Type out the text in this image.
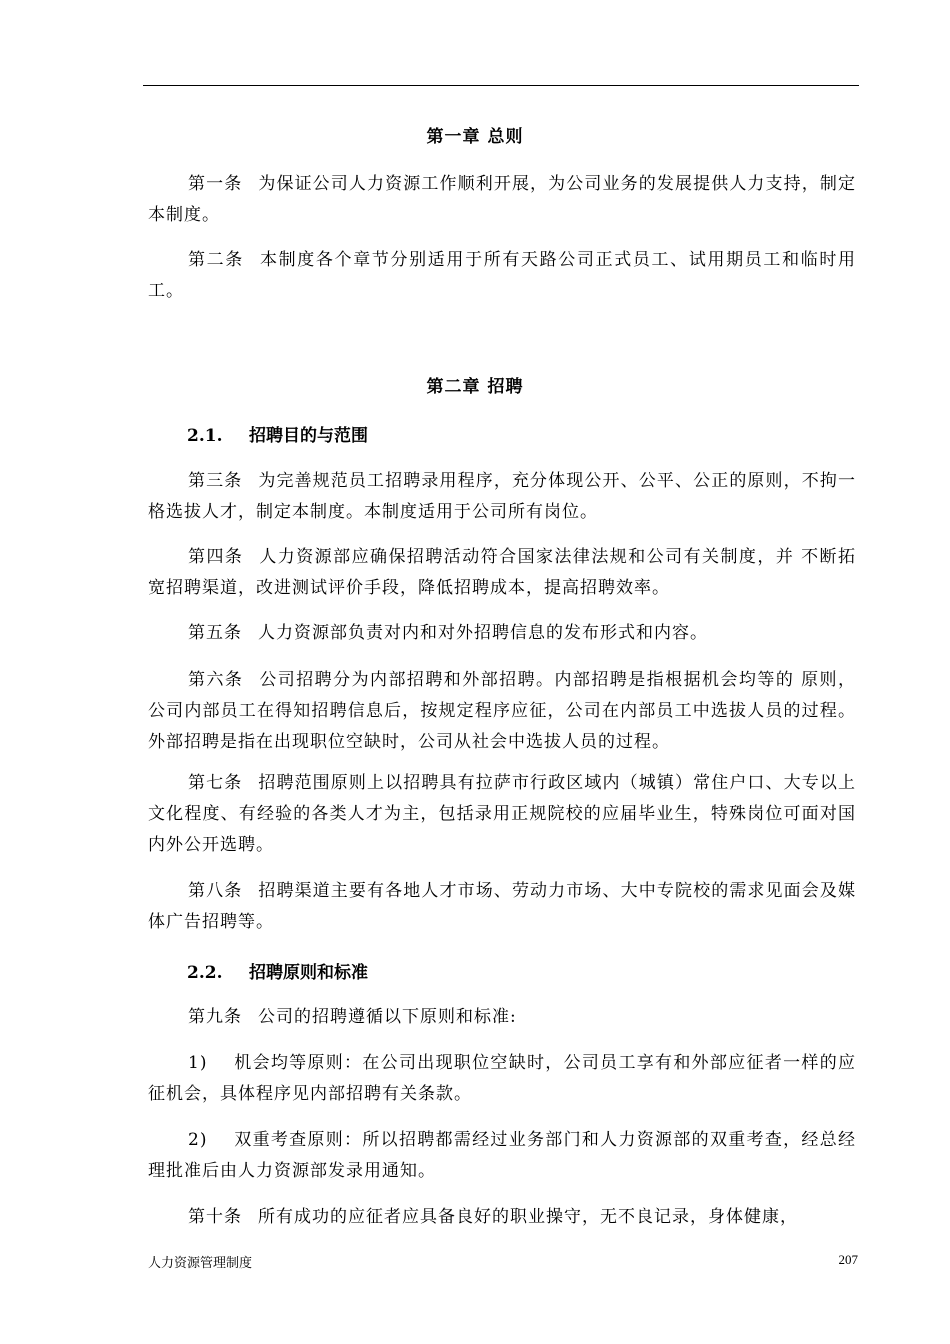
第一章 总则
第一条 为保证公司人力资源工作顺利开展，为公司业务的发展提供人力支持，制定本制度。
第二条 本制度各个章节分别适用于所有天路公司正式员工、试用期员工和临时用工。
第二章 招聘
2.1. 招聘目的与范围
第三条 为完善规范员工招聘录用程序，充分体现公开、公平、公正的原则，不拘一格选拔人才，制定本制度。本制度适用于公司所有岗位。
第四条 人力资源部应确保招聘活动符合国家法律法规和公司有关制度，并 不断拓宽招聘渠道，改进测试评价手段，降低招聘成本，提高招聘效率。
第五条 人力资源部负责对内和对外招聘信息的发布形式和内容。
第六条 公司招聘分为内部招聘和外部招聘。内部招聘是指根据机会均等的 原则，公司内部员工在得知招聘信息后，按规定程序应征，公司在内部员工中选拔人员的过程。外部招聘是指在出现职位空缺时，公司从社会中选拔人员的过程。
第七条 招聘范围原则上以招聘具有拉萨市行政区域内（城镇）常住户口、大专以上文化程度、有经验的各类人才为主，包括录用正规院校的应届毕业生，特殊岗位可面对国内外公开选聘。
第八条 招聘渠道主要有各地人才市场、劳动力市场、大中专院校的需求见面会及媒体广告招聘等。
2.2. 招聘原则和标准
第九条 公司的招聘遵循以下原则和标准:
1) 机会均等原则：在公司出现职位空缺时，公司员工享有和外部应征者一样的应征机会，具体程序见内部招聘有关条款。
2) 双重考查原则：所以招聘都需经过业务部门和人力资源部的双重考查，经总经理批准后由人力资源部发录用通知。
第十条 所有成功的应征者应具备良好的职业操守，无不良记录，身体健康，
人力资源管理制度	207
